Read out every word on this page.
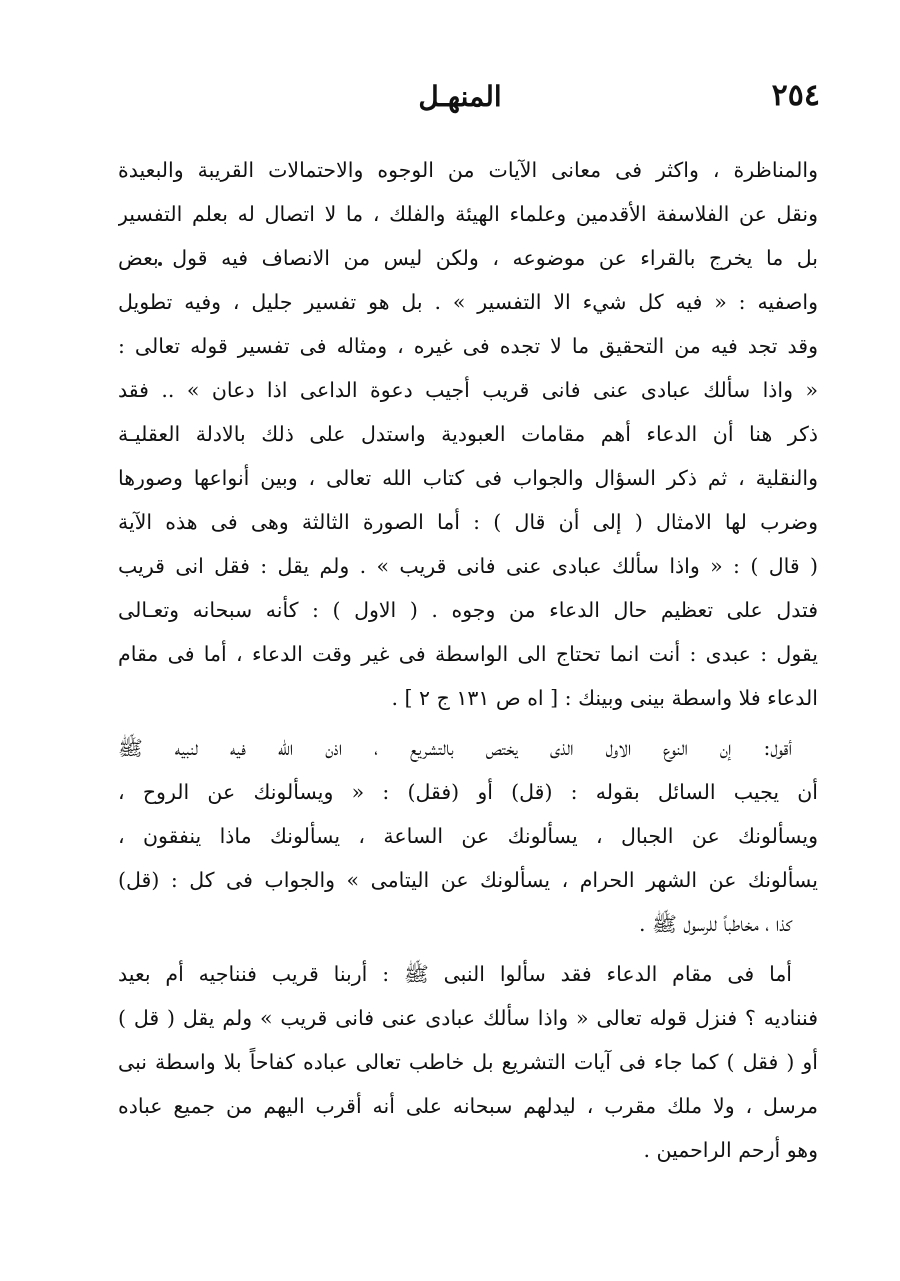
٢٥٤
المنهـل
والمناظرة ، واكثر فى معانى الآيات من الوجوه والاحتمالات القريبة والبعيدة
ونقل عن الفلاسفة الأقدمين وعلماء الهيئة والفلك ، ما لا اتصال له بعلم التفسير
بل ما يخرج بالقراء عن موضوعه ، ولكن ليس من الانصاف فيه قول بعض
واصفيه : « فيه كل شيء الا التفسير » . بل هو تفسير جليل ، وفيه تطويل
وقد تجد فيه من التحقيق ما لا تجده فى غيره ، ومثاله فى تفسير قوله تعالى :
« واذا سألك عبادى عنى فانى قريب أجيب دعوة الداعى اذا دعان » .. فقد
ذكر هنا أن الدعاء أهم مقامات العبودية واستدل على ذلك بالادلة العقليـة
والنقلية ، ثم ذكر السؤال والجواب فى كتاب الله تعالى ، وبين أنواعها وصورها
وضرب لها الامثال ( إلى أن قال ) : أما الصورة الثالثة وهى فى هذه الآية
( قال ) : « واذا سألك عبادى عنى فانى قريب » . ولم يقل : فقل انى قريب
فتدل على تعظيم حال الدعاء من وجوه . ( الاول ) : كأنه سبحانه وتعـالى
يقول : عبدى : أنت انما تحتاج الى الواسطة فى غير وقت الدعاء ، أما فى مقام
الدعاء فلا واسطة بينى وبينك : [ اه ص ١٣١ ج ٢ ] .
أقول: إن النوع الاول الذى يختص بالتشريع ، اذن الله فيه لنبيه ﷺ
أن يجيب السائل بقوله : (قل) أو (فقل) : « ويسألونك عن الروح ،
ويسألونك عن الجبال ، يسألونك عن الساعة ، يسألونك ماذا ينفقون ،
يسألونك عن الشهر الحرام ، يسألونك عن اليتامى » والجواب فى كل : (قل)
كذا ، مخاطباً للرسول ﷺ .
أما فى مقام الدعاء فقد سألوا النبى ﷺ : أربنا قريب فنناجيه أم بعيد
فنناديه ؟ فنزل قوله تعالى « واذا سألك عبادى عنى فانى قريب » ولم يقل ( قل )
أو ( فقل ) كما جاء فى آيات التشريع بل خاطب تعالى عباده كفاحاً بلا واسطة نبى
مرسل ، ولا ملك مقرب ، ليدلهم سبحانه على أنه أقرب اليهم من جميع عباده
وهو أرحم الراحمين .
